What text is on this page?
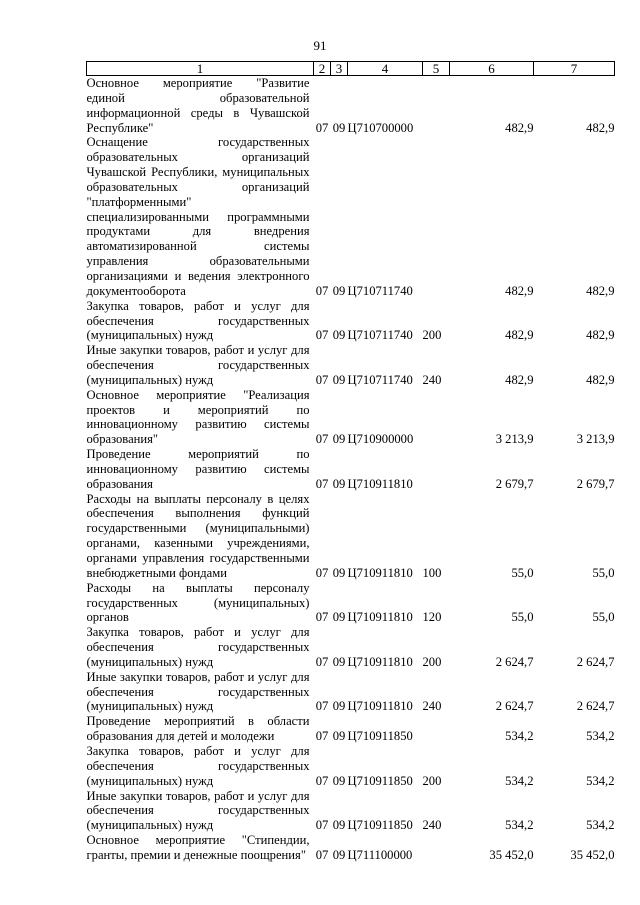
91
1	2	3	4	5	6	7
Основное мероприятие "Развитие единой образовательной информационной среды в Чувашской Республике"	07	09	Ц710700000		482,9	482,9
Оснащение государственных образовательных организаций Чувашской Республики, муниципальных образовательных организаций "платформенными" специализированными программными продуктами для внедрения автоматизированной системы управления образовательными организациями и ведения электронного документооборота	07	09	Ц710711740		482,9	482,9
Закупка товаров, работ и услуг для обеспечения государственных (муниципальных) нужд	07	09	Ц710711740	200	482,9	482,9
Иные закупки товаров, работ и услуг для обеспечения государственных (муниципальных) нужд	07	09	Ц710711740	240	482,9	482,9
Основное мероприятие "Реализация проектов и мероприятий по инновационному развитию системы образования"	07	09	Ц710900000		3 213,9	3 213,9
Проведение мероприятий по инновационному развитию системы образования	07	09	Ц710911810		2 679,7	2 679,7
Расходы на выплаты персоналу в целях обеспечения выполнения функций государственными (муниципальными) органами, казенными учреждениями, органами управления государственными внебюджетными фондами	07	09	Ц710911810	100	55,0	55,0
Расходы на выплаты персоналу государственных (муниципальных) органов	07	09	Ц710911810	120	55,0	55,0
Закупка товаров, работ и услуг для обеспечения государственных (муниципальных) нужд	07	09	Ц710911810	200	2 624,7	2 624,7
Иные закупки товаров, работ и услуг для обеспечения государственных (муниципальных) нужд	07	09	Ц710911810	240	2 624,7	2 624,7
Проведение мероприятий в области образования для детей и молодежи	07	09	Ц710911850		534,2	534,2
Закупка товаров, работ и услуг для обеспечения государственных (муниципальных) нужд	07	09	Ц710911850	200	534,2	534,2
Иные закупки товаров, работ и услуг для обеспечения государственных (муниципальных) нужд	07	09	Ц710911850	240	534,2	534,2
Основное мероприятие "Стипендии, гранты, премии и денежные поощрения"	07	09	Ц711100000		35 452,0	35 452,0
